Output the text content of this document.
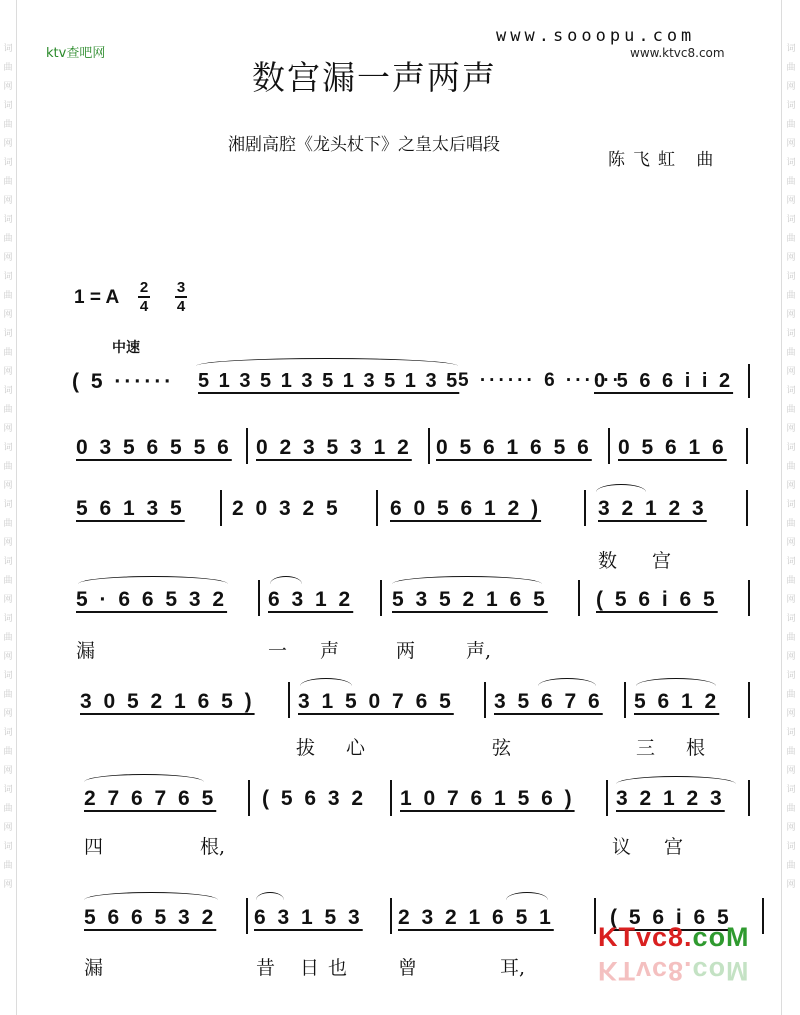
词曲网词曲网词曲网词曲网词曲网词曲网词曲网词曲网词曲网词曲网词曲网词曲网词曲网词曲网词曲网
词曲网词曲网词曲网词曲网词曲网词曲网词曲网词曲网词曲网词曲网词曲网词曲网词曲网词曲网词曲网
ktv查吧网
www.sooopu.com
www.ktvc8.com
数宫漏一声两声
湘剧高腔《龙头杖下》之皇太后唱段
陈飞虹 曲
1 = A 2
4
3
4
中速
( 5 ······ 5 1 3 5 1 3 5 1 3 5 1 3 5
5 ······ 6 ······
0 5 6 6 i i 2
0 3 5 6 5 5 6 0 2 3 5 3 1 2 0 5 6 1 6 5 6 0 5 6 1 6
5 6 1 3 5 2 0 3 2 5 6 0 5 6 1 2 )	3 2 1 2 3
数 宫
5 · 6 6 5 3 2 6 3 1 2 5 3 5 2 1 6 5 ( 5 6 i 6 5
漏	一 声	两	声,
3 0 5 2 1 6 5 ) 3 1 5 0 7 6 5 3 5 6 7 6 5 6 1 2
拔 心	弦	三 根
2 7 6 7 6 5 ( 5 6 3 2 1 0 7 6 1 5 6 ) 3 2 1 2 3
四	根,	议 宫
5 6 6 5 3 2 6 3 1 5 3 2 3 2 1 6 5 1	( 5 6 i 6 5
漏	昔 日 也	曾	耳,
KTvc8.coM
KTvc8.coM
